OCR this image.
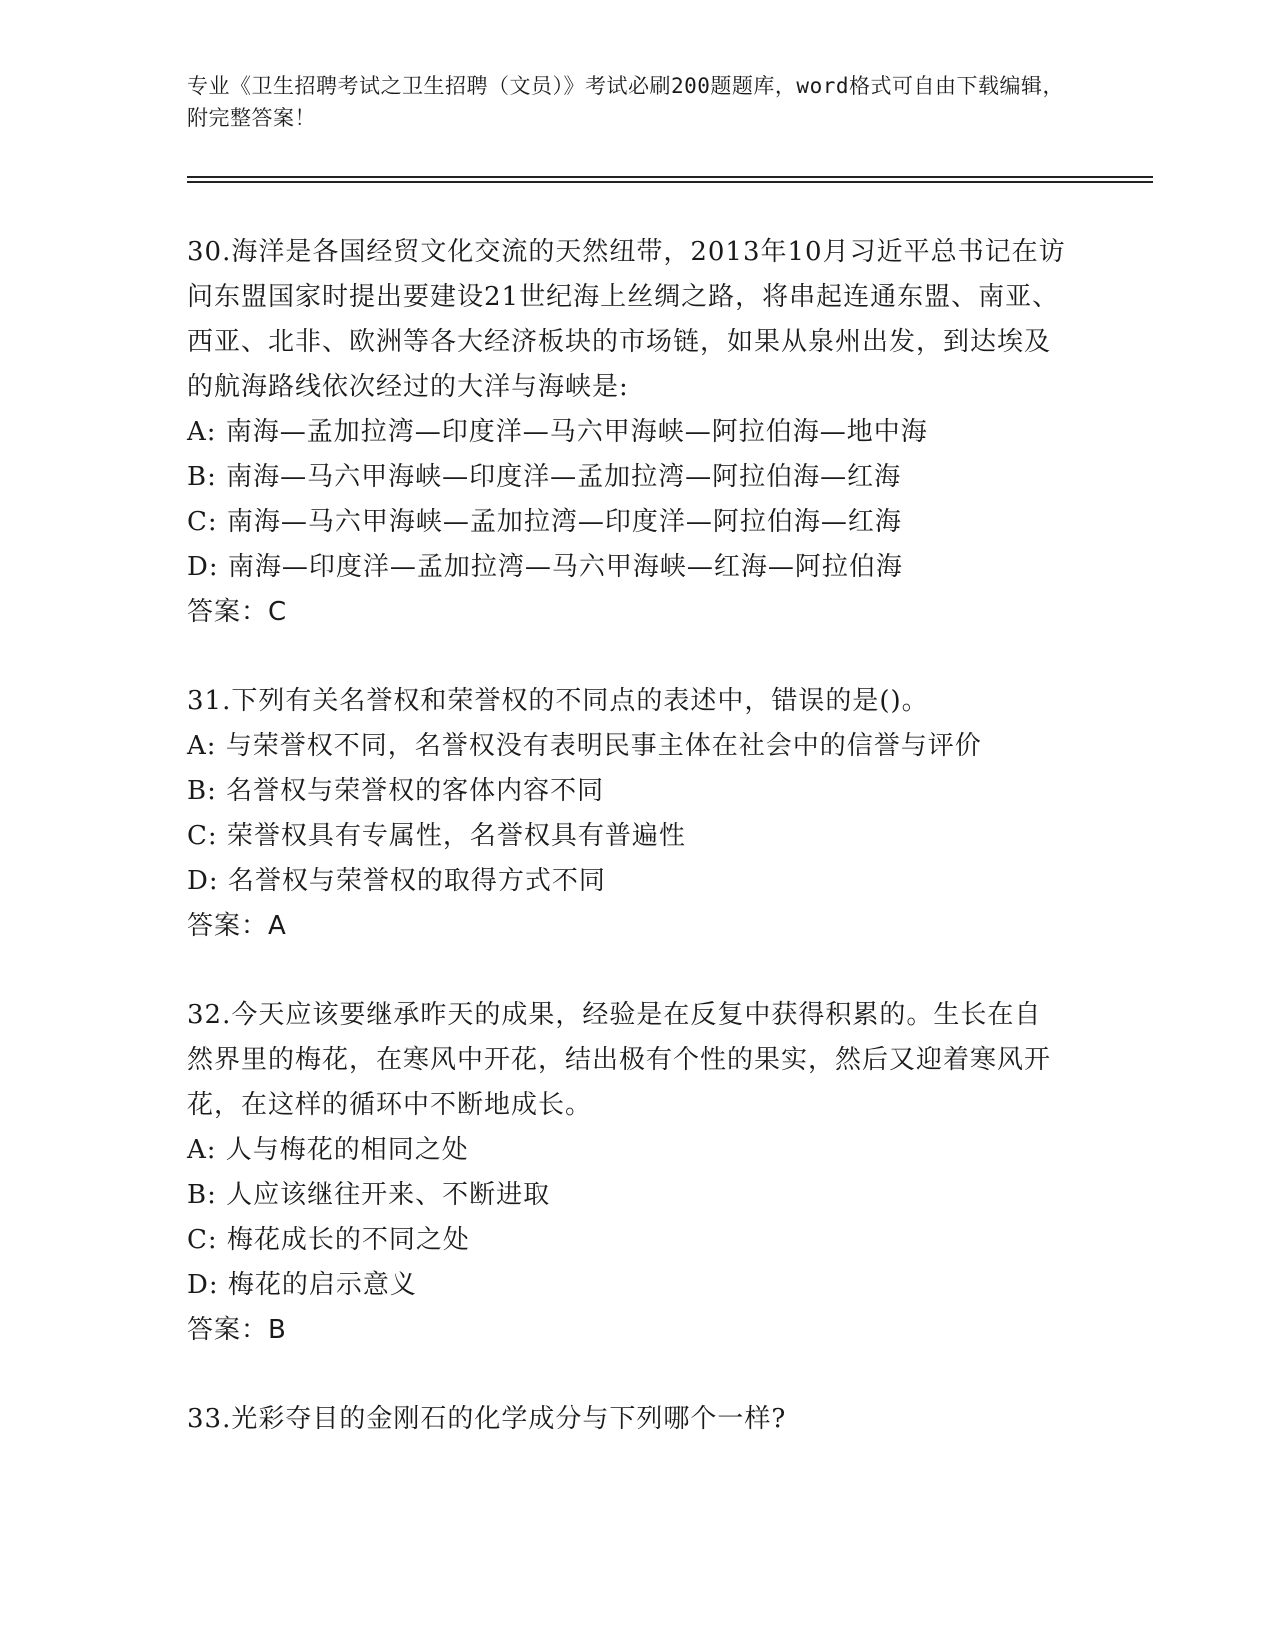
专业《卫生招聘考试之卫生招聘（文员）》考试必刷200题题库，word格式可自由下载编辑，附完整答案！
30.海洋是各国经贸文化交流的天然纽带，2013年10月习近平总书记在访问东盟国家时提出要建设21世纪海上丝绸之路，将串起连通东盟、南亚、西亚、北非、欧洲等各大经济板块的市场链，如果从泉州出发，到达埃及的航海路线依次经过的大洋与海峡是:
A: 南海—孟加拉湾—印度洋—马六甲海峡—阿拉伯海—地中海
B: 南海—马六甲海峡—印度洋—孟加拉湾—阿拉伯海—红海
C: 南海—马六甲海峡—孟加拉湾—印度洋—阿拉伯海—红海
D: 南海—印度洋—孟加拉湾—马六甲海峡—红海—阿拉伯海
答案：C
31.下列有关名誉权和荣誉权的不同点的表述中，错误的是()。
A: 与荣誉权不同，名誉权没有表明民事主体在社会中的信誉与评价
B: 名誉权与荣誉权的客体内容不同
C: 荣誉权具有专属性，名誉权具有普遍性
D: 名誉权与荣誉权的取得方式不同
答案：A
32.今天应该要继承昨天的成果，经验是在反复中获得积累的。生长在自然界里的梅花，在寒风中开花，结出极有个性的果实，然后又迎着寒风开花，在这样的循环中不断地成长。
A: 人与梅花的相同之处
B: 人应该继往开来、不断进取
C: 梅花成长的不同之处
D: 梅花的启示意义
答案：B
33.光彩夺目的金刚石的化学成分与下列哪个一样?
